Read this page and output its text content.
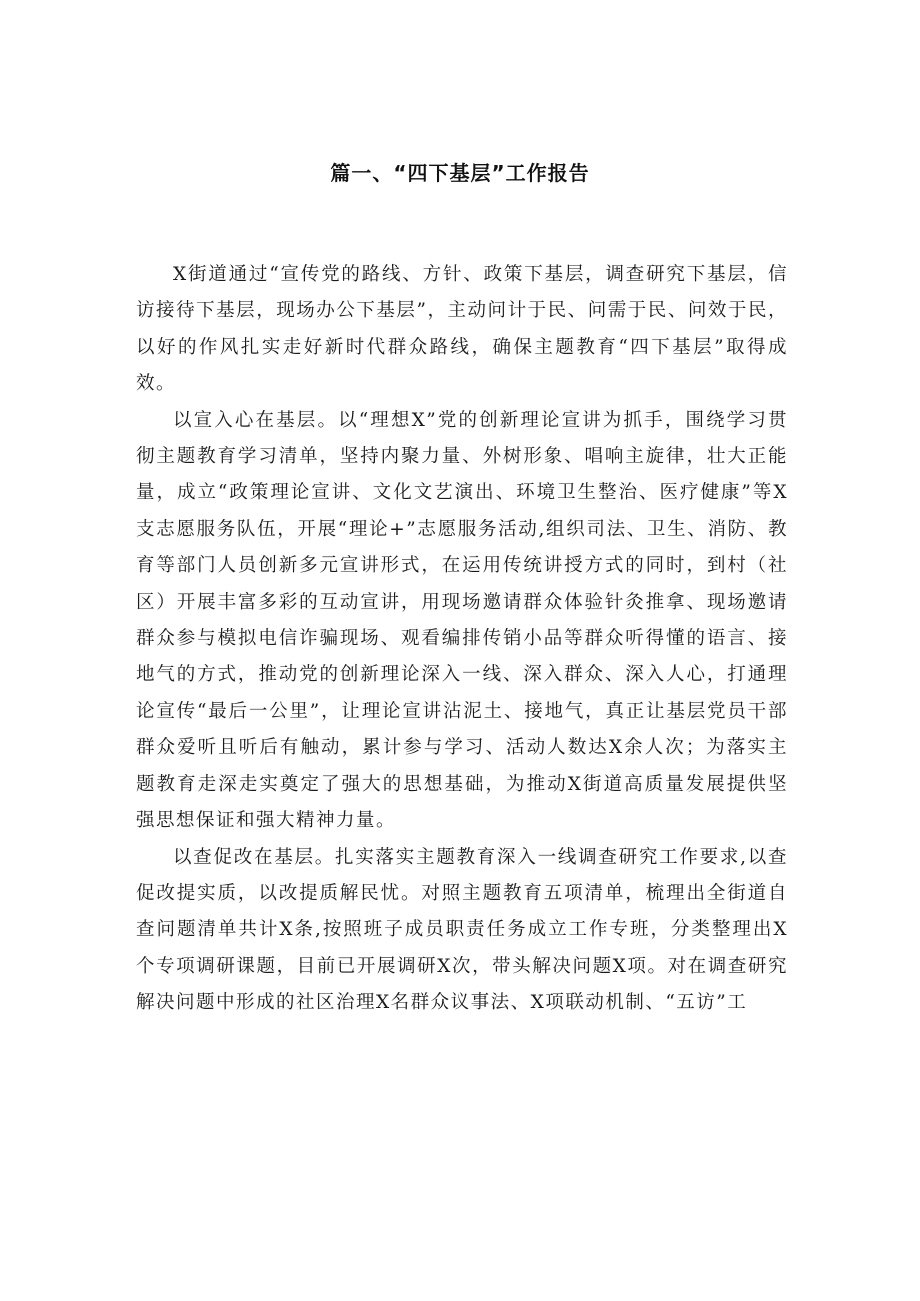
篇一、“四下基层”工作报告

X街道通过“宣传党的路线、方针、政策下基层，调查研究下基层，信访接待下基层，现场办公下基层”，主动问计于民、问需于民、问效于民，以好的作风扎实走好新时代群众路线，确保主题教育“四下基层”取得成效。

以宣入心在基层。以“理想X”党的创新理论宣讲为抓手，围绕学习贯彻主题教育学习清单，坚持内聚力量、外树形象、唱响主旋律，壮大正能量，成立“政策理论宣讲、文化文艺演出、环境卫生整治、医疗健康”等X支志愿服务队伍，开展“理论+”志愿服务活动,组织司法、卫生、消防、教育等部门人员创新多元宣讲形式，在运用传统讲授方式的同时，到村（社区）开展丰富多彩的互动宣讲，用现场邀请群众体验针灸推拿、现场邀请群众参与模拟电信诈骗现场、观看编排传销小品等群众听得懂的语言、接地气的方式，推动党的创新理论深入一线、深入群众、深入人心，打通理论宣传“最后一公里”，让理论宣讲沾泥土、接地气，真正让基层党员干部群众爱听且听后有触动，累计参与学习、活动人数达X余人次；为落实主题教育走深走实奠定了强大的思想基础，为推动X街道高质量发展提供坚强思想保证和强大精神力量。

以查促改在基层。扎实落实主题教育深入一线调查研究工作要求,以查促改提实质，以改提质解民忧。对照主题教育五项清单，梳理出全街道自查问题清单共计X条,按照班子成员职责任务成立工作专班，分类整理出X个专项调研课题，目前已开展调研X次，带头解决问题X项。对在调查研究解决问题中形成的社区治理X名群众议事法、X项联动机制、“五访”工
